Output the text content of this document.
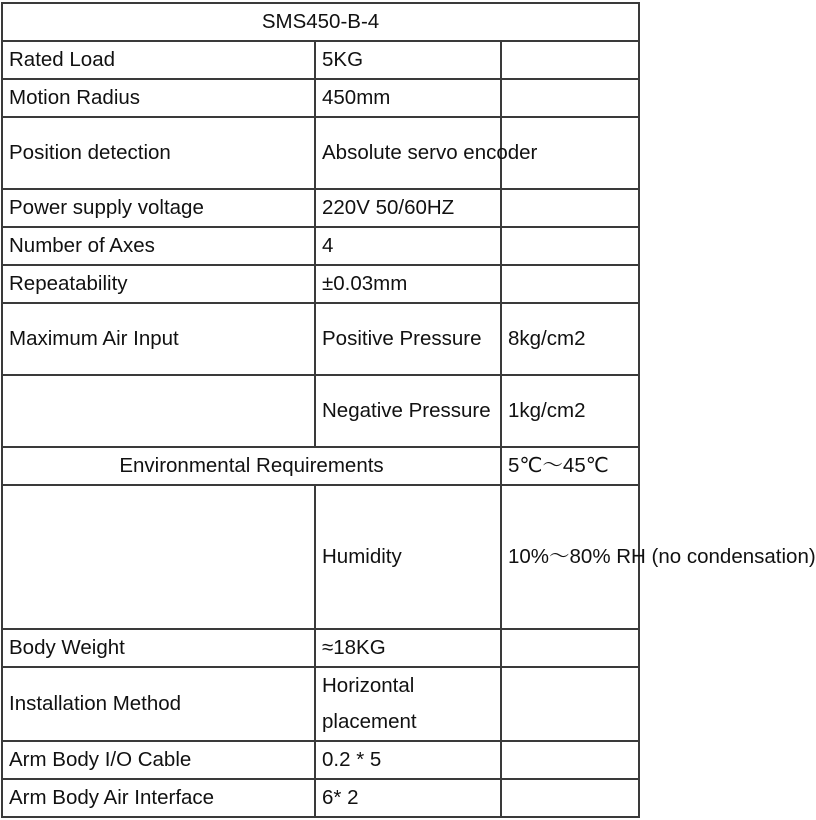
SMS450-B-4		
Rated Load	5KG	
Motion Radius	450mm	
Position detection	Absolute servo encoder	
Power supply voltage	220V 50/60HZ	
Number of Axes	4	
Repeatability	±0.03mm	
Maximum Air Input	Positive Pressure	8kg/cm2
	Negative Pressure	1kg/cm2
Environmental Requirements		5℃～45℃
	Humidity	10%～80% RH (no condensation)
Body Weight	≈18KG	
Installation Method	Horizontal placement	
Arm Body I/O Cable	0.2 * 5	
Arm Body Air Interface	6* 2	
